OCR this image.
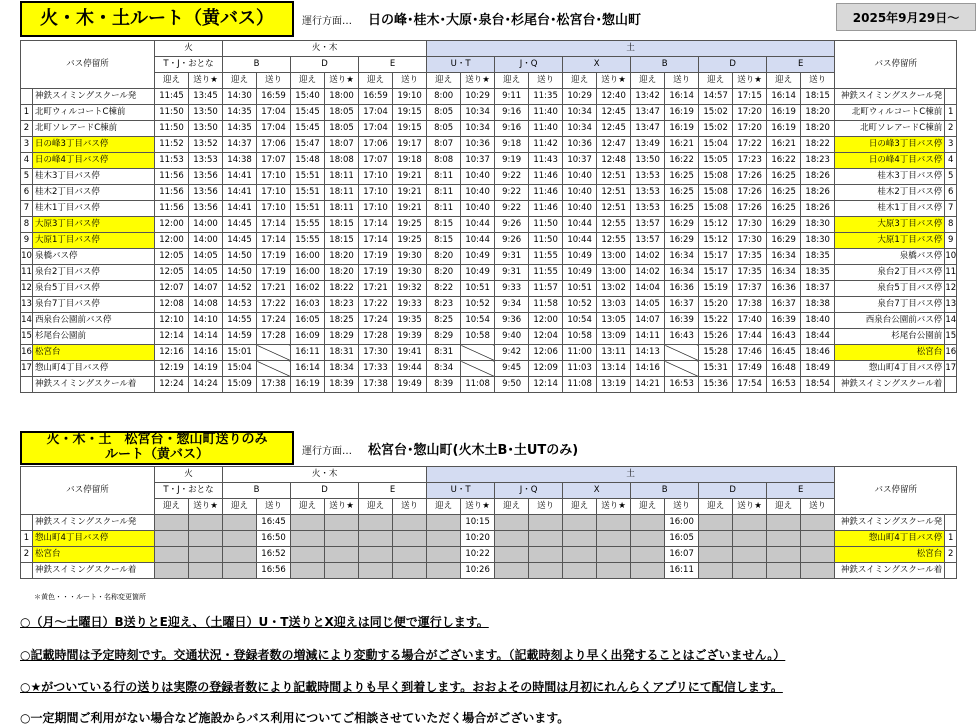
火・木・土ルート（黄バス）	運行方面… 日の峰･桂木･大原･泉台･杉尾台･松宮台･惣山町	2025年9月29日～
バス停留所		火		火・木						土												バス停留所	
		T・J・おとな		B		D		E		U・T		J・Q		X		B		D		E			
		迎え	送り★	迎え	送り	迎え	送り★	迎え	送り	迎え	送り★	迎え	送り	迎え	送り★	迎え	送り	迎え	送り★	迎え	送り		
	神鉄スイミングスクール発	11:45	13:45	14:30	16:59	15:40	18:00	16:59	19:10	8:00	10:29	9:11	11:35	10:29	12:40	13:42	16:14	14:57	17:15	16:14	18:15	神鉄スイミングスクール発	
1	北町ウィルコートC棟前	11:50	13:50	14:35	17:04	15:45	18:05	17:04	19:15	8:05	10:34	9:16	11:40	10:34	12:45	13:47	16:19	15:02	17:20	16:19	18:20	北町ウィルコートC棟前	1
2	北町ソレアードC棟前	11:50	13:50	14:35	17:04	15:45	18:05	17:04	19:15	8:05	10:34	9:16	11:40	10:34	12:45	13:47	16:19	15:02	17:20	16:19	18:20	北町ソレアードC棟前	2
3	日の峰3丁目バス停	11:52	13:52	14:37	17:06	15:47	18:07	17:06	19:17	8:07	10:36	9:18	11:42	10:36	12:47	13:49	16:21	15:04	17:22	16:21	18:22	日の峰3丁目バス停	3
4	日の峰4丁目バス停	11:53	13:53	14:38	17:07	15:48	18:08	17:07	19:18	8:08	10:37	9:19	11:43	10:37	12:48	13:50	16:22	15:05	17:23	16:22	18:23	日の峰4丁目バス停	4
5	桂木3丁目バス停	11:56	13:56	14:41	17:10	15:51	18:11	17:10	19:21	8:11	10:40	9:22	11:46	10:40	12:51	13:53	16:25	15:08	17:26	16:25	18:26	桂木3丁目バス停	5
6	桂木2丁目バス停	11:56	13:56	14:41	17:10	15:51	18:11	17:10	19:21	8:11	10:40	9:22	11:46	10:40	12:51	13:53	16:25	15:08	17:26	16:25	18:26	桂木2丁目バス停	6
7	桂木1丁目バス停	11:56	13:56	14:41	17:10	15:51	18:11	17:10	19:21	8:11	10:40	9:22	11:46	10:40	12:51	13:53	16:25	15:08	17:26	16:25	18:26	桂木1丁目バス停	7
8	大原3丁目バス停	12:00	14:00	14:45	17:14	15:55	18:15	17:14	19:25	8:15	10:44	9:26	11:50	10:44	12:55	13:57	16:29	15:12	17:30	16:29	18:30	大原3丁目バス停	8
9	大原1丁目バス停	12:00	14:00	14:45	17:14	15:55	18:15	17:14	19:25	8:15	10:44	9:26	11:50	10:44	12:55	13:57	16:29	15:12	17:30	16:29	18:30	大原1丁目バス停	9
10	泉橋バス停	12:05	14:05	14:50	17:19	16:00	18:20	17:19	19:30	8:20	10:49	9:31	11:55	10:49	13:00	14:02	16:34	15:17	17:35	16:34	18:35	泉橋バス停	10
11	泉台2丁目バス停	12:05	14:05	14:50	17:19	16:00	18:20	17:19	19:30	8:20	10:49	9:31	11:55	10:49	13:00	14:02	16:34	15:17	17:35	16:34	18:35	泉台2丁目バス停	11
12	泉台5丁目バス停	12:07	14:07	14:52	17:21	16:02	18:22	17:21	19:32	8:22	10:51	9:33	11:57	10:51	13:02	14:04	16:36	15:19	17:37	16:36	18:37	泉台5丁目バス停	12
13	泉台7丁目バス停	12:08	14:08	14:53	17:22	16:03	18:23	17:22	19:33	8:23	10:52	9:34	11:58	10:52	13:03	14:05	16:37	15:20	17:38	16:37	18:38	泉台7丁目バス停	13
14	西泉台公園前バス停	12:10	14:10	14:55	17:24	16:05	18:25	17:24	19:35	8:25	10:54	9:36	12:00	10:54	13:05	14:07	16:39	15:22	17:40	16:39	18:40	西泉台公園前バス停	14
15	杉尾台公園前	12:14	14:14	14:59	17:28	16:09	18:29	17:28	19:39	8:29	10:58	9:40	12:04	10:58	13:09	14:11	16:43	15:26	17:44	16:43	18:44	杉尾台公園前	15
16	松宮台	12:16	14:16	15:01		16:11	18:31	17:30	19:41	8:31		9:42	12:06	11:00	13:11	14:13		15:28	17:46	16:45	18:46	松宮台	16
17	惣山町4丁目バス停	12:19	14:19	15:04		16:14	18:34	17:33	19:44	8:34		9:45	12:09	11:03	13:14	14:16		15:31	17:49	16:48	18:49	惣山町4丁目バス停	17
	神鉄スイミングスクール着	12:24	14:24	15:09	17:38	16:19	18:39	17:38	19:49	8:39	11:08	9:50	12:14	11:08	13:19	14:21	16:53	15:36	17:54	16:53	18:54	神鉄スイミングスクール着	
火・木・土　松宮台・惣山町送りのみ
ルート（黄バス）	運行方面… 松宮台･惣山町(火木土B･土UTのみ)
バス停留所		火		火・木						土												バス停留所	
		T・J・おとな		B		D		E		U・T		J・Q		X		B		D		E			
		迎え	送り★	迎え	送り	迎え	送り★	迎え	送り	迎え	送り★	迎え	送り	迎え	送り★	迎え	送り	迎え	送り★	迎え	送り		
	神鉄スイミングスクール発				16:45						10:15						16:00					神鉄スイミングスクール発	
1	惣山町4丁目バス停				16:50						10:20						16:05					惣山町4丁目バス停	1
2	松宮台				16:52						10:22						16:07					松宮台	2
	神鉄スイミングスクール着				16:56						10:26						16:11					神鉄スイミングスクール着	
＊黄色・・・ルート・名称変更箇所
○（月～土曜日）B送りとE迎え、（土曜日）U・T送りとX迎えは同じ便で運行します。
○記載時間は予定時刻です。交通状況・登録者数の増減により変動する場合がございます。（記載時刻より早く出発することはございません。）
○★がついている行の送りは実際の登録者数により記載時間よりも早く到着します。おおよその時間は月初にれんらくアプリにて配信します。
○一定期間ご利用がない場合など施設からバス利用についてご相談させていただく場合がございます。
